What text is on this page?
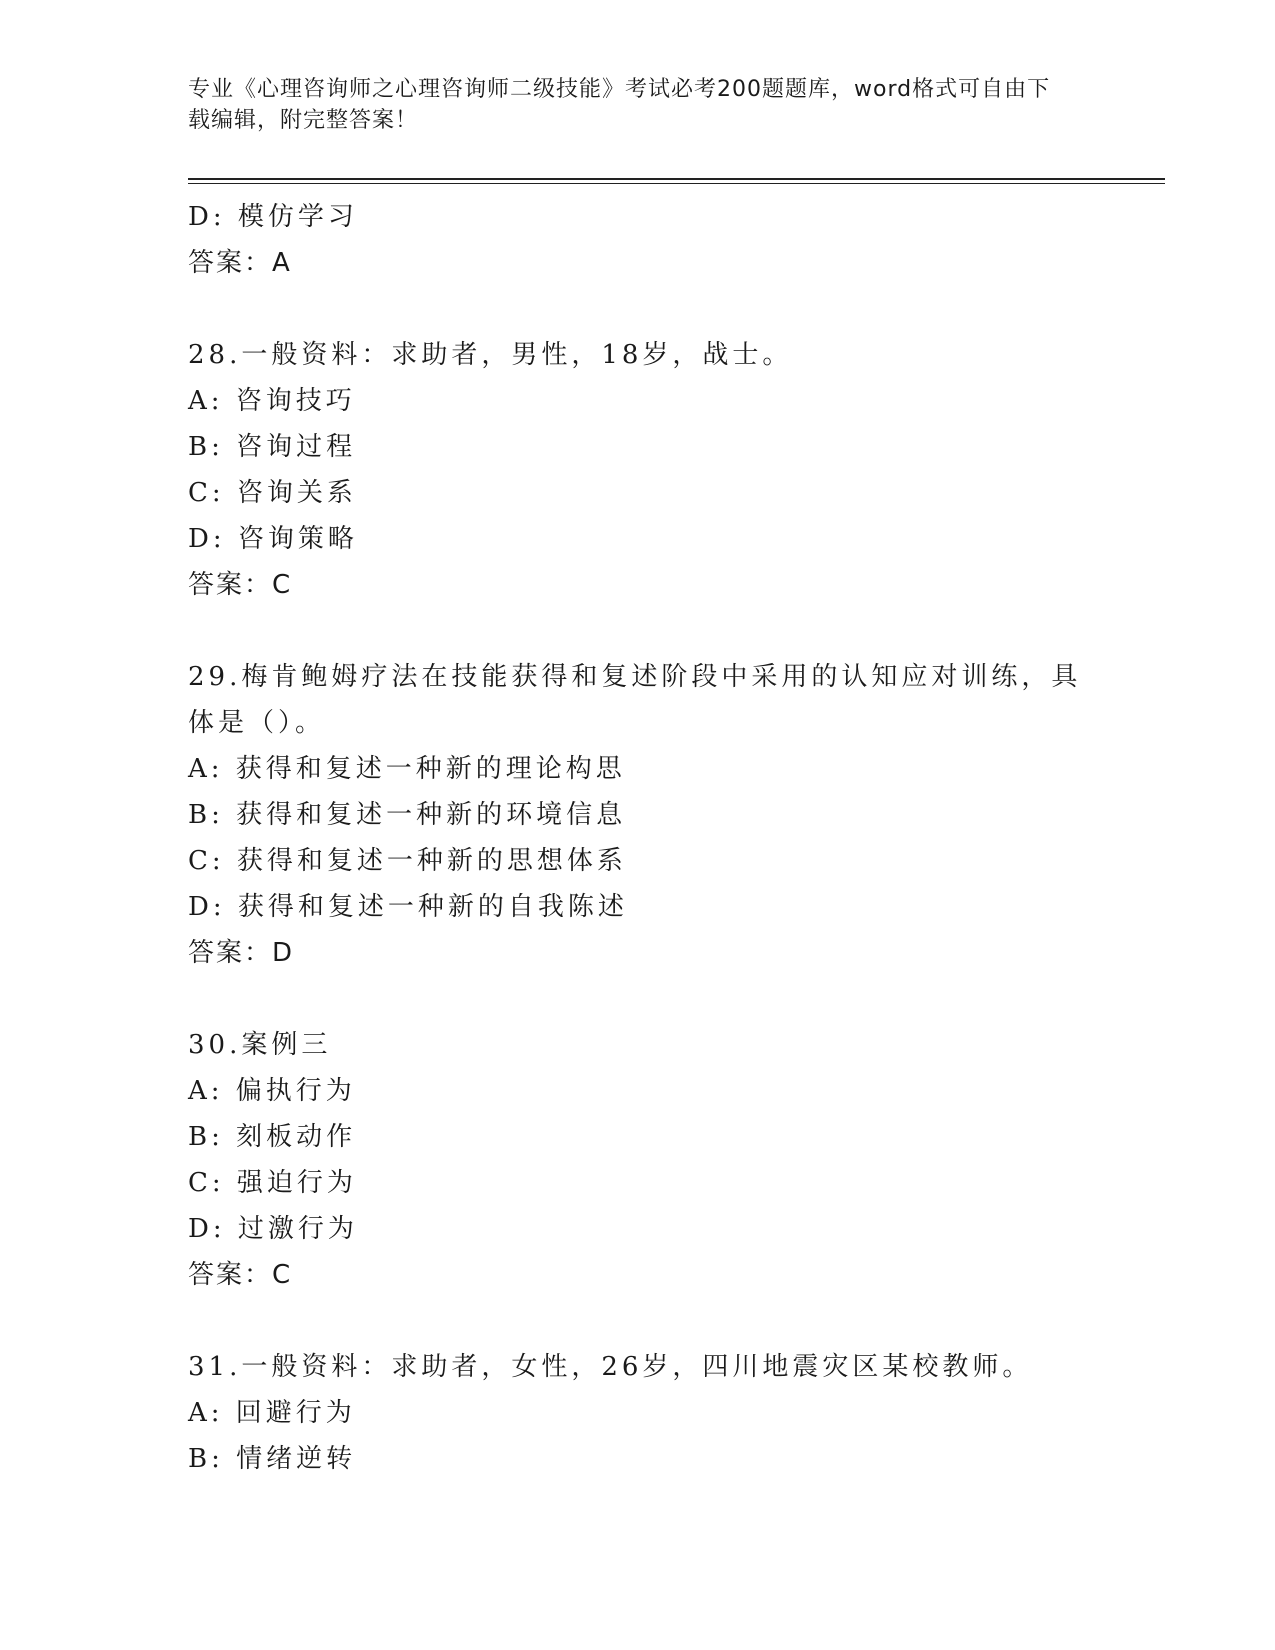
专业《心理咨询师之心理咨询师二级技能》考试必考200题题库，word格式可自由下载编辑，附完整答案！
D: 模仿学习
答案：A
28.一般资料：求助者，男性，18岁，战士。
A: 咨询技巧
B: 咨询过程
C: 咨询关系
D: 咨询策略
答案：C
29.梅肯鲍姆疗法在技能获得和复述阶段中采用的认知应对训练，具体是（）。
A: 获得和复述一种新的理论构思
B: 获得和复述一种新的环境信息
C: 获得和复述一种新的思想体系
D: 获得和复述一种新的自我陈述
答案：D
30.案例三
A: 偏执行为
B: 刻板动作
C: 强迫行为
D: 过激行为
答案：C
31.一般资料：求助者，女性，26岁，四川地震灾区某校教师。
A: 回避行为
B: 情绪逆转
